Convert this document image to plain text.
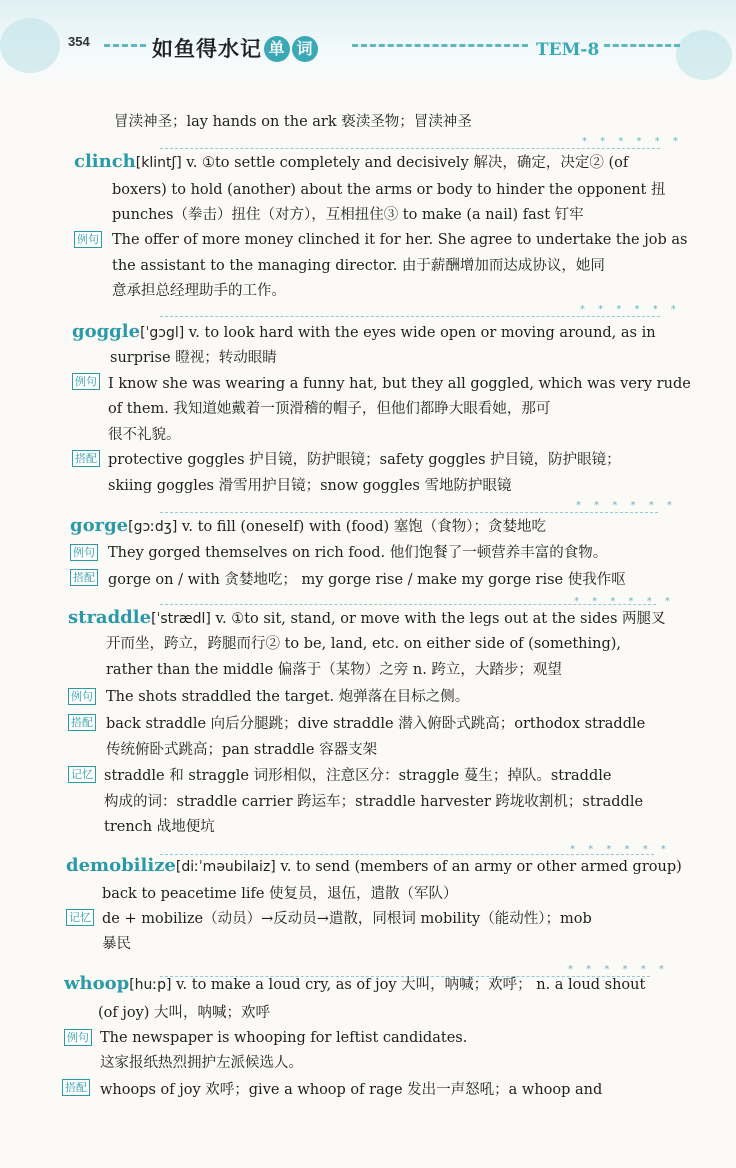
354	如鱼得水记 单 词	TEM-8
冒渎神圣；lay hands on the ark 亵渎圣物；冒渎神圣
* * * * * *
clinch[klintʃ] v. ①to settle completely and decisively 解决，确定，决定② (of
boxers) to hold (another) about the arms or body to hinder the opponent 扭
punches（拳击）扭住（对方），互相扭住③ to make (a nail) fast 钉牢
例句 The offer of more money clinched it for her. She agree to undertake the job as
the assistant to the managing director. 由于薪酬增加而达成协议，她同
意承担总经理助手的工作。
* * * * * *
goggle[ˈgɔgl] v. to look hard with the eyes wide open or moving around, as in
surprise 瞪视；转动眼睛
例句 I know she was wearing a funny hat, but they all goggled, which was very rude
of them. 我知道她戴着一顶滑稽的帽子，但他们都睁大眼看她，那可
很不礼貌。
搭配 protective goggles 护目镜，防护眼镜；safety goggles 护目镜，防护眼镜；
skiing goggles 滑雪用护目镜；snow goggles 雪地防护眼镜
* * * * * *
gorge[gɔːdʒ] v. to fill (oneself) with (food) 塞饱（食物）；贪婪地吃
例句 They gorged themselves on rich food. 他们饱餐了一顿营养丰富的食物。
搭配 gorge on / with 贪婪地吃； my gorge rise / make my gorge rise 使我作呕
* * * * * *
straddle[ˈstrædl] v. ①to sit, stand, or move with the legs out at the sides 两腿叉
开而坐，跨立，跨腿而行② to be, land, etc. on either side of (something),
rather than the middle 偏落于（某物）之旁 n. 跨立，大踏步；观望
例句 The shots straddled the target. 炮弹落在目标之侧。
搭配 back straddle 向后分腿跳；dive straddle 潜入俯卧式跳高；orthodox straddle
传统俯卧式跳高；pan straddle 容器支架
记忆 straddle 和 straggle 词形相似，注意区分：straggle 蔓生；掉队。straddle
构成的词：straddle carrier 跨运车；straddle harvester 跨垅收割机；straddle
trench 战地便坑
* * * * * *
demobilize[diːˈməubilaiz] v. to send (members of an army or other armed group)
back to peacetime life 使复员，退伍，遣散（军队）
记忆 de + mobilize（动员）→反动员→遣散，同根词 mobility（能动性）；mob
暴民
* * * * * *
whoop[huːp] v. to make a loud cry, as of joy 大叫，呐喊；欢呼； n. a loud shout
(of joy) 大叫，呐喊；欢呼
例句 The newspaper is whooping for leftist candidates.
这家报纸热烈拥护左派候选人。
搭配 whoops of joy 欢呼；give a whoop of rage 发出一声怒吼；a whoop and
